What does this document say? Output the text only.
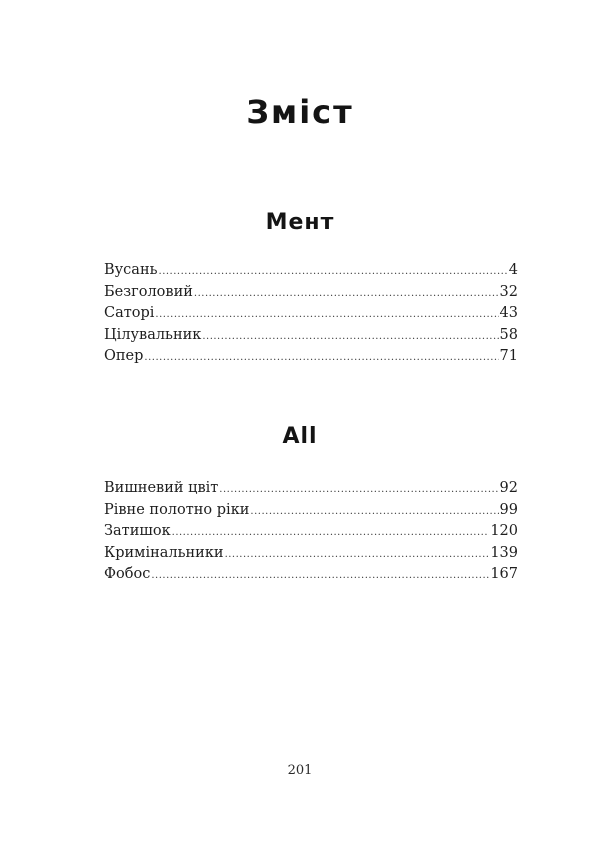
Зміст
Мент
Вусань .....	4
Безголовий .....	32
Саторі .....	43
Цілувальник .....	58
Опер .....	71
All
Вишневий цвіт .....	92
Рівне полотно ріки .....	99
Затишок .....	120
Кримінальники .....	139
Фобос .....	167
201
